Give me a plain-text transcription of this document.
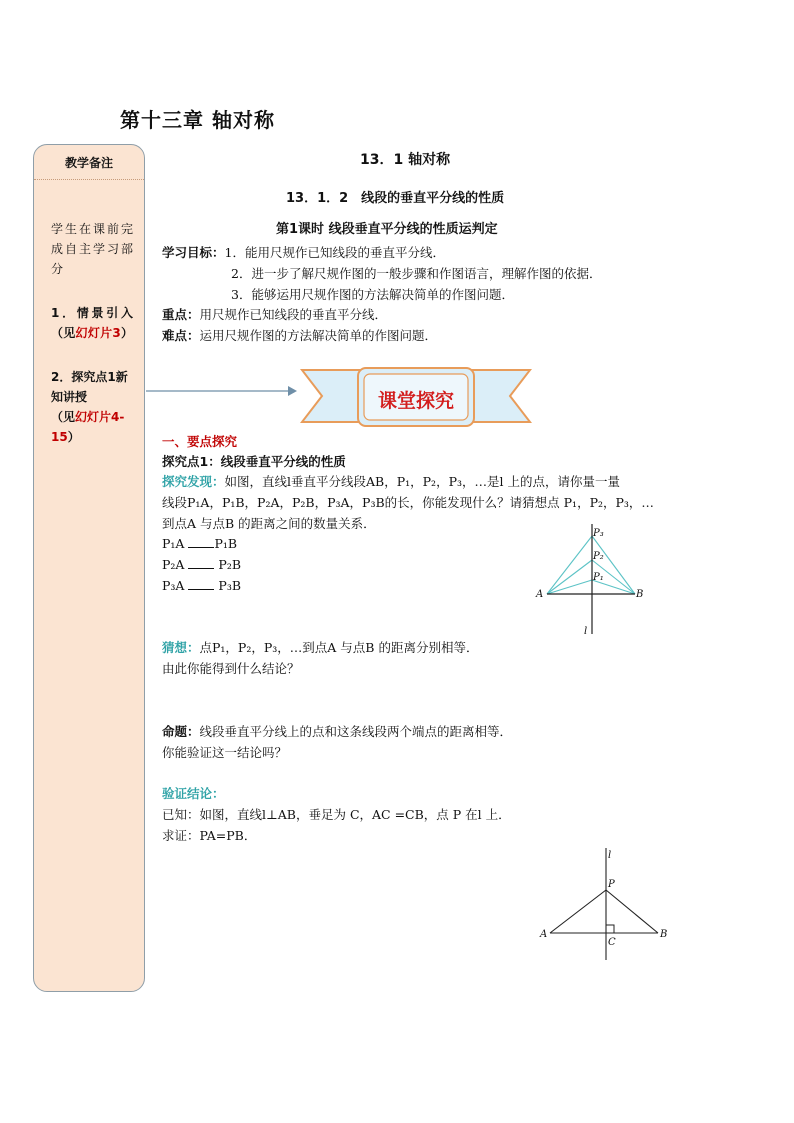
第十三章 轴对称
教学备注
学生在课前完成自主学习部分
1．情景引入（见幻灯片3）
2．探究点1新知讲授
（见幻灯片4-15）
13．1 轴对称
13．1．2　线段的垂直平分线的性质
第1课时 线段垂直平分线的性质运判定
学习目标：1．能用尺规作已知线段的垂直平分线．
2．进一步了解尺规作图的一般步骤和作图语言，理解作图的依据．
3．能够运用尺规作图的方法解决简单的作图问题．
重点：用尺规作已知线段的垂直平分线．
难点：运用尺规作图的方法解决简单的作图问题．
课堂探究
一、要点探究
探究点1：线段垂直平分线的性质
探究发现：如图，直线l垂直平分线段AB，P₁，P₂，P₃，…是l 上的点，请你量一量
线段P₁A，P₁B，P₂A，P₂B，P₃A，P₃B的长，你能发现什么？请猜想点 P₁，P₂，P₃，…
到点A 与点B 的距离之间的数量关系．
P₁A P₁B
P₂A	P₂B
P₃A	P₃B
A	B
P₃
P₂
P₁
l
猜想：点P₁，P₂，P₃，…到点A 与点B 的距离分别相等．
由此你能得到什么结论？
命题：线段垂直平分线上的点和这条线段两个端点的距离相等．
你能验证这一结论吗？
验证结论：
已知：如图，直线l⊥AB，垂足为 C，AC =CB，点 P 在l 上．
求证：PA=PB．
l
P
A	B
C
